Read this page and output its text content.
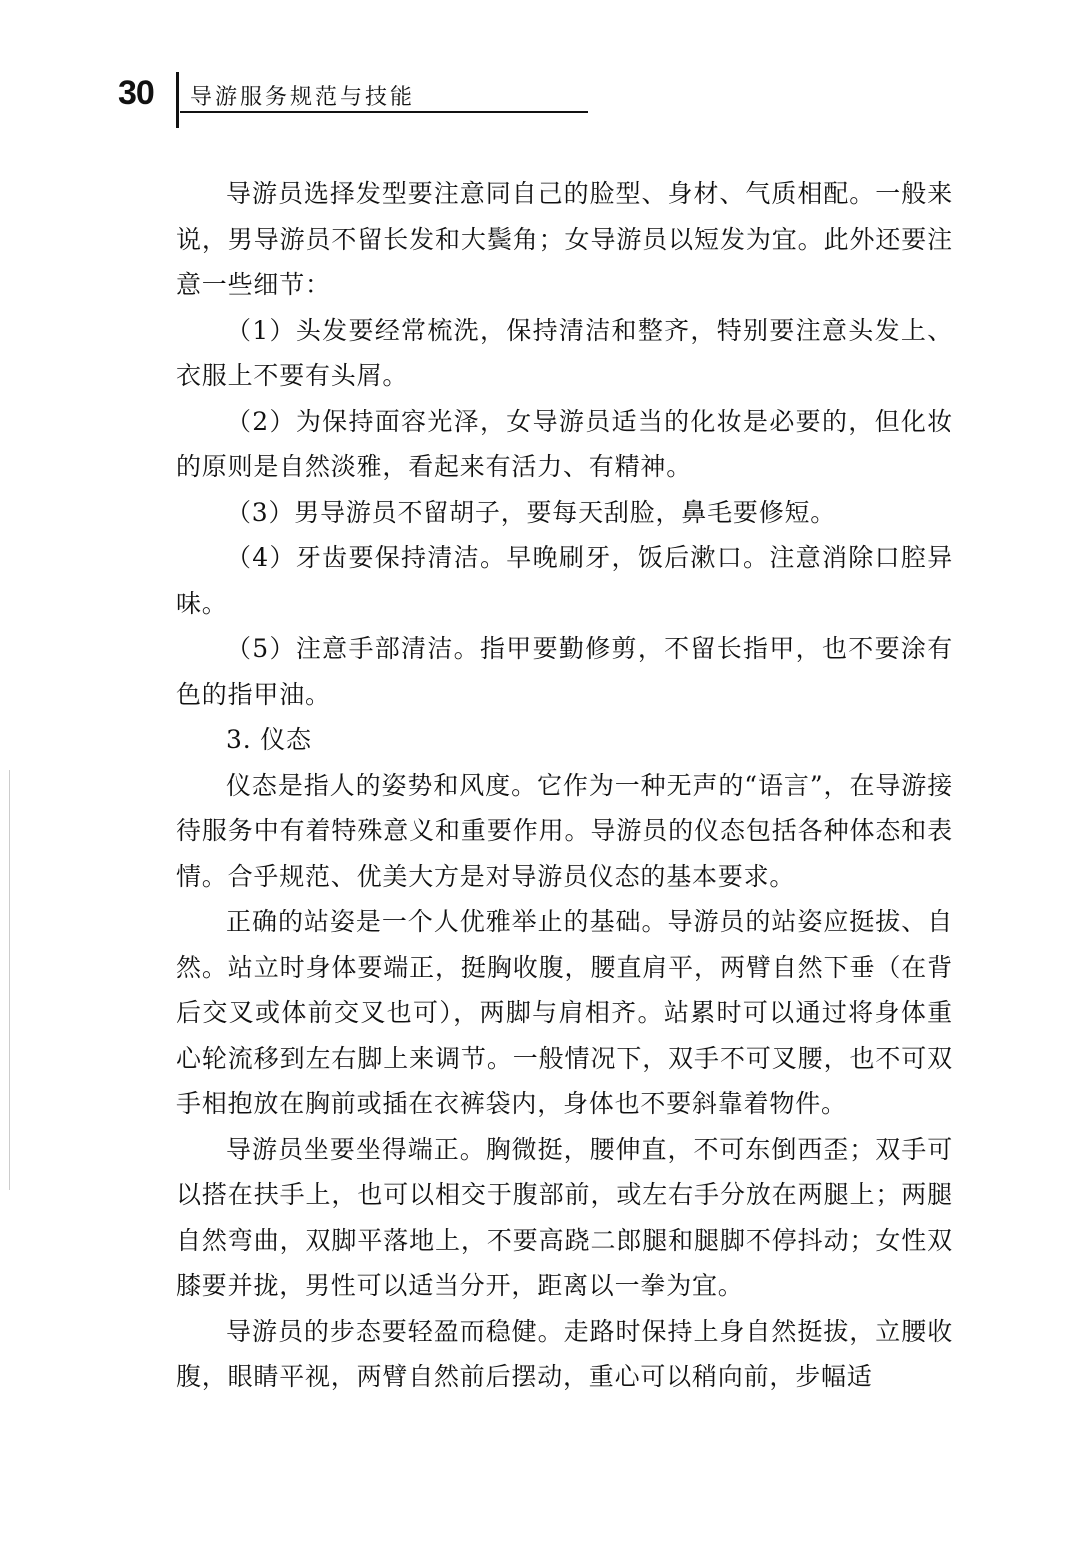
30 导游服务规范与技能

导游员选择发型要注意同自己的脸型、身材、气质相配。一般来说，男导游员不留长发和大鬓角；女导游员以短发为宜。此外还要注意一些细节：

（1）头发要经常梳洗，保持清洁和整齐，特别要注意头发上、衣服上不要有头屑。

（2）为保持面容光泽，女导游员适当的化妆是必要的，但化妆的原则是自然淡雅，看起来有活力、有精神。

（3）男导游员不留胡子，要每天刮脸，鼻毛要修短。

（4）牙齿要保持清洁。早晚刷牙，饭后漱口。注意消除口腔异味。

（5）注意手部清洁。指甲要勤修剪，不留长指甲，也不要涂有色的指甲油。

3. 仪态

仪态是指人的姿势和风度。它作为一种无声的“语言”，在导游接待服务中有着特殊意义和重要作用。导游员的仪态包括各种体态和表情。合乎规范、优美大方是对导游员仪态的基本要求。

正确的站姿是一个人优雅举止的基础。导游员的站姿应挺拔、自然。站立时身体要端正，挺胸收腹，腰直肩平，两臂自然下垂（在背后交叉或体前交叉也可），两脚与肩相齐。站累时可以通过将身体重心轮流移到左右脚上来调节。一般情况下，双手不可叉腰，也不可双手相抱放在胸前或插在衣裤袋内，身体也不要斜靠着物件。

导游员坐要坐得端正。胸微挺，腰伸直，不可东倒西歪；双手可以搭在扶手上，也可以相交于腹部前，或左右手分放在两腿上；两腿自然弯曲，双脚平落地上，不要高跷二郎腿和腿脚不停抖动；女性双膝要并拢，男性可以适当分开，距离以一拳为宜。

导游员的步态要轻盈而稳健。走路时保持上身自然挺拔，立腰收腹，眼睛平视，两臂自然前后摆动，重心可以稍向前，步幅适
